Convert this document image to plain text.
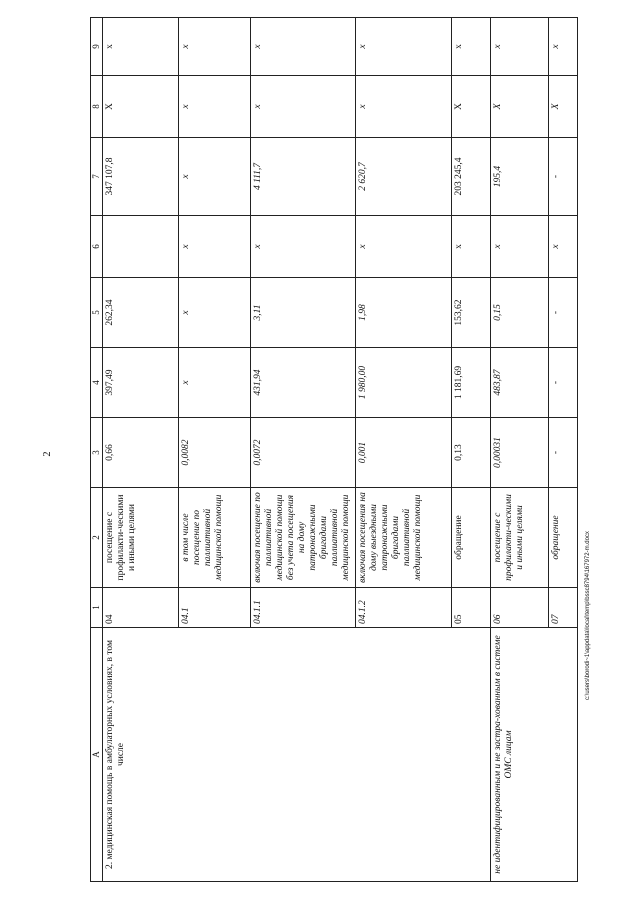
2
А	1	2	3	4	5	6	7	8	9
2. медицинская помощь в амбулаторных условиях, в том числе	04	посещение с профилакти-ческими и иными целями	0,66	397,49	262,34		347 107,8	Х	х
	04.1	в том числе посещение по паллиативной медицинской помощи	0,0082	х	х	х	х	х	х
	04.1.1	включая посещение по паллиативной медицинской помощи без учета посещения на дому патронажными бригадами паллиативной медицинской помощи	0,0072	431,94	3,11	х	4 111,7	х	х
	04.1.2	включая посещения на дому выездными патронажными бригадами паллиативной медицинской помощи	0,001	1 980,00	1,98	х	2 620,7	х	х
	05	обращение	0,13	1 181,69	153,62	х	203 245,4	Х	х
не идентифицированным и не застра-хованным в системе ОМС лицам	06	посещение с профилакти-ческими и иными целями	0,00031	483,87	0,15	х	195,4	Х	х
	07	обращение	-	-	-	х	-	Х	х
c:\users\borodi~1\appdata\local\temp\bssc8794\167972-m.docx
